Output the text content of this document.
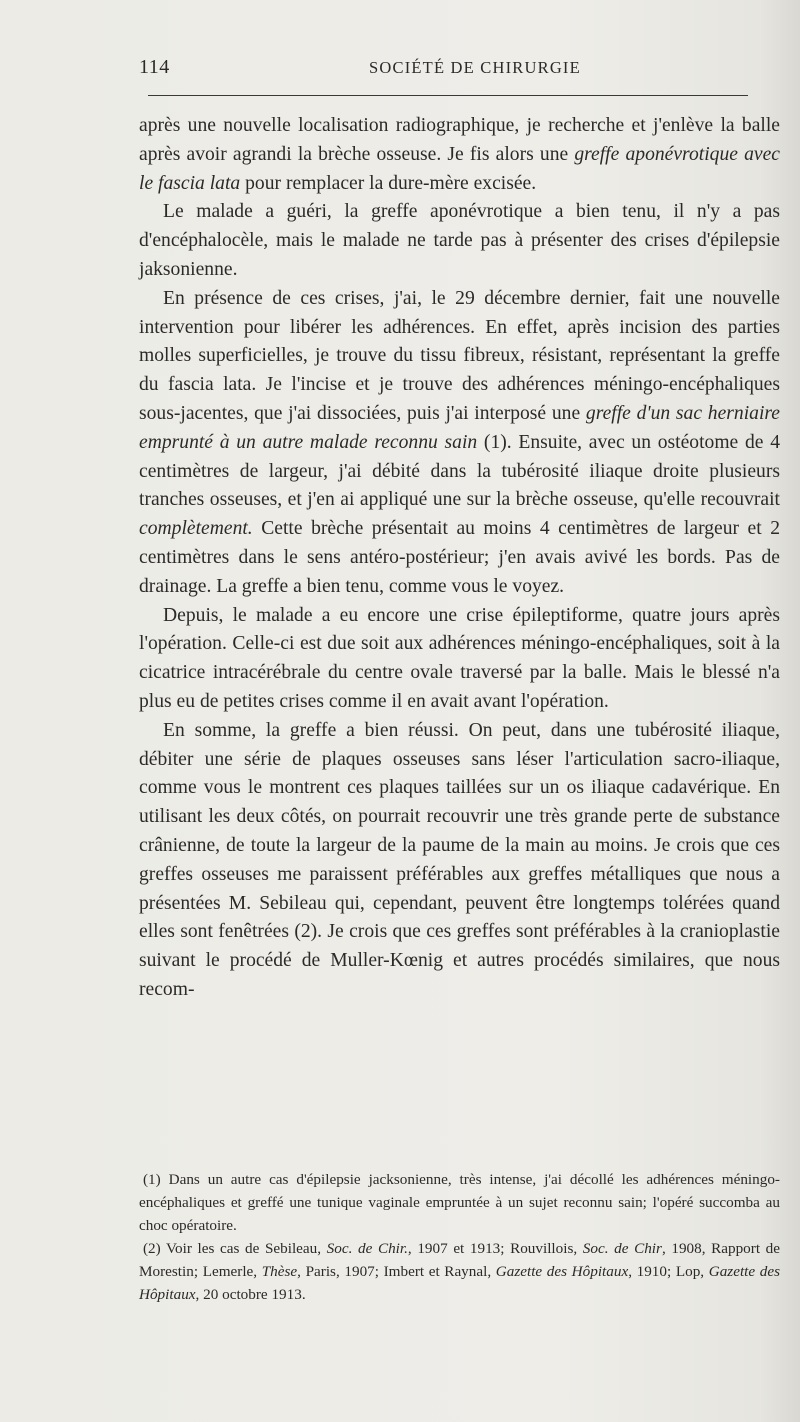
114	SOCIÉTÉ DE CHIRURGIE

après une nouvelle localisation radiographique, je recherche et j'enlève la balle après avoir agrandi la brèche osseuse. Je fis alors une greffe aponévrotique avec le fascia lata pour remplacer la dure-mère excisée.

Le malade a guéri, la greffe aponévrotique a bien tenu, il n'y a pas d'encéphalocèle, mais le malade ne tarde pas à présenter des crises d'épilepsie jaksonienne.

En présence de ces crises, j'ai, le 29 décembre dernier, fait une nouvelle intervention pour libérer les adhérences. En effet, après incision des parties molles superficielles, je trouve du tissu fibreux, résistant, représentant la greffe du fascia lata. Je l'incise et je trouve des adhérences méningo-encéphaliques sous-jacentes, que j'ai dissociées, puis j'ai interposé une greffe d'un sac herniaire emprunté à un autre malade reconnu sain (1). Ensuite, avec un ostéotome de 4 centimètres de largeur, j'ai débité dans la tubérosité iliaque droite plusieurs tranches osseuses, et j'en ai appliqué une sur la brèche osseuse, qu'elle recouvrait complètement. Cette brèche présentait au moins 4 centimètres de largeur et 2 centimètres dans le sens antéro-postérieur; j'en avais avivé les bords. Pas de drainage. La greffe a bien tenu, comme vous le voyez.

Depuis, le malade a eu encore une crise épileptiforme, quatre jours après l'opération. Celle-ci est due soit aux adhérences méningo-encéphaliques, soit à la cicatrice intracérébrale du centre ovale traversé par la balle. Mais le blessé n'a plus eu de petites crises comme il en avait avant l'opération.

En somme, la greffe a bien réussi. On peut, dans une tubérosité iliaque, débiter une série de plaques osseuses sans léser l'articulation sacro-iliaque, comme vous le montrent ces plaques taillées sur un os iliaque cadavérique. En utilisant les deux côtés, on pourrait recouvrir une très grande perte de substance crânienne, de toute la largeur de la paume de la main au moins. Je crois que ces greffes osseuses me paraissent préférables aux greffes métalliques que nous a présentées M. Sebileau qui, cependant, peuvent être longtemps tolérées quand elles sont fenêtrées (2). Je crois que ces greffes sont préférables à la cranioplastie suivant le procédé de Muller-Kœnig et autres procédés similaires, que nous recom-

(1) Dans un autre cas d'épilepsie jacksonienne, très intense, j'ai décollé les adhérences méningo-encéphaliques et greffé une tunique vaginale empruntée à un sujet reconnu sain; l'opéré succomba au choc opératoire.

(2) Voir les cas de Sebileau, Soc. de Chir., 1907 et 1913; Rouvillois, Soc. de Chir, 1908, Rapport de Morestin; Lemerle, Thèse, Paris, 1907; Imbert et Raynal, Gazette des Hôpitaux, 1910; Lop, Gazette des Hôpitaux, 20 octobre 1913.
